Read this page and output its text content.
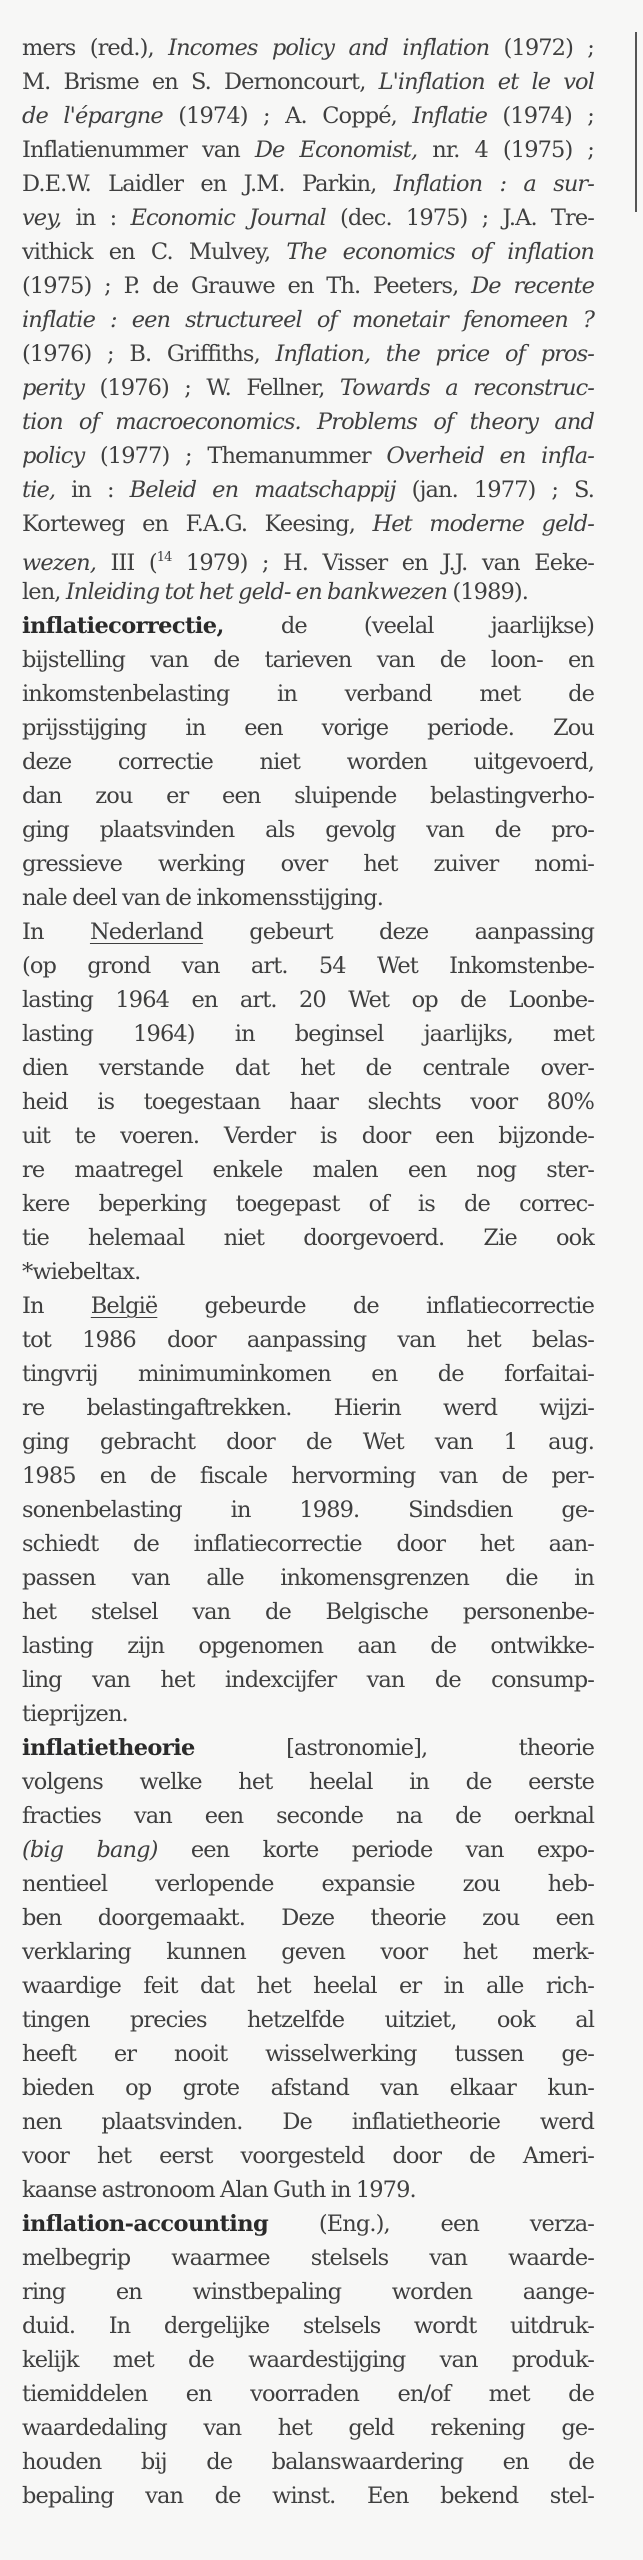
mers (red.), Incomes policy and inflation (1972) ;
M. Brisme en S. Dernoncourt, L'inflation et le vol
de l'épargne (1974) ; A. Coppé, Inflatie (1974) ;
Inflatienummer van De Economist, nr. 4 (1975) ;
D.E.W. Laidler en J.M. Parkin, Inflation : a sur-
vey, in : Economic Journal (dec. 1975) ; J.A. Tre-
vithick en C. Mulvey, The economics of inflation
(1975) ; P. de Grauwe en Th. Peeters, De recente
inflatie : een structureel of monetair fenomeen ?
(1976) ; B. Griffiths, Inflation, the price of pros-
perity (1976) ; W. Fellner, Towards a reconstruc-
tion of macroeconomics. Problems of theory and
policy (1977) ; Themanummer Overheid en infla-
tie, in : Beleid en maatschappij (jan. 1977) ; S.
Korteweg en F.A.G. Keesing, Het moderne geld-
wezen, III ($^{14}$ 1979) ; H. Visser en J.J. van Eeke-
len, Inleiding tot het geld- en bankwezen (1989).
inflatiecorrectie, de (veelal jaarlijkse)
bijstelling van de tarieven van de loon- en
inkomstenbelasting in verband met de
prijsstijging in een vorige periode. Zou
deze correctie niet worden uitgevoerd,
dan zou er een sluipende belastingverho-
ging plaatsvinden als gevolg van de pro-
gressieve werking over het zuiver nomi-
nale deel van de inkomensstijging.
In Nederland gebeurt deze aanpassing
(op grond van art. 54 Wet Inkomstenbe-
lasting 1964 en art. 20 Wet op de Loonbe-
lasting 1964) in beginsel jaarlijks, met
dien verstande dat het de centrale over-
heid is toegestaan haar slechts voor 80%
uit te voeren. Verder is door een bijzonde-
re maatregel enkele malen een nog ster-
kere beperking toegepast of is de correc-
tie helemaal niet doorgevoerd. Zie ook
*wiebeltax.
In België gebeurde de inflatiecorrectie
tot 1986 door aanpassing van het belas-
tingvrij minimuminkomen en de forfaitai-
re belastingaftrekken. Hierin werd wijzi-
ging gebracht door de Wet van 1 aug.
1985 en de fiscale hervorming van de per-
sonenbelasting in 1989. Sindsdien ge-
schiedt de inflatiecorrectie door het aan-
passen van alle inkomensgrenzen die in
het stelsel van de Belgische personenbe-
lasting zijn opgenomen aan de ontwikke-
ling van het indexcijfer van de consump-
tieprijzen.
inflatietheorie [astronomie], theorie
volgens welke het heelal in de eerste
fracties van een seconde na de oerknal
(big bang) een korte periode van expo-
nentieel verlopende expansie zou heb-
ben doorgemaakt. Deze theorie zou een
verklaring kunnen geven voor het merk-
waardige feit dat het heelal er in alle rich-
tingen precies hetzelfde uitziet, ook al
heeft er nooit wisselwerking tussen ge-
bieden op grote afstand van elkaar kun-
nen plaatsvinden. De inflatietheorie werd
voor het eerst voorgesteld door de Ameri-
kaanse astronoom Alan Guth in 1979.
inflation-accounting (Eng.), een verza-
melbegrip waarmee stelsels van waarde-
ring en winstbepaling worden aange-
duid. In dergelijke stelsels wordt uitdruk-
kelijk met de waardestijging van produk-
tiemiddelen en voorraden en/of met de
waardedaling van het geld rekening ge-
houden bij de balanswaardering en de
bepaling van de winst. Een bekend stel-
